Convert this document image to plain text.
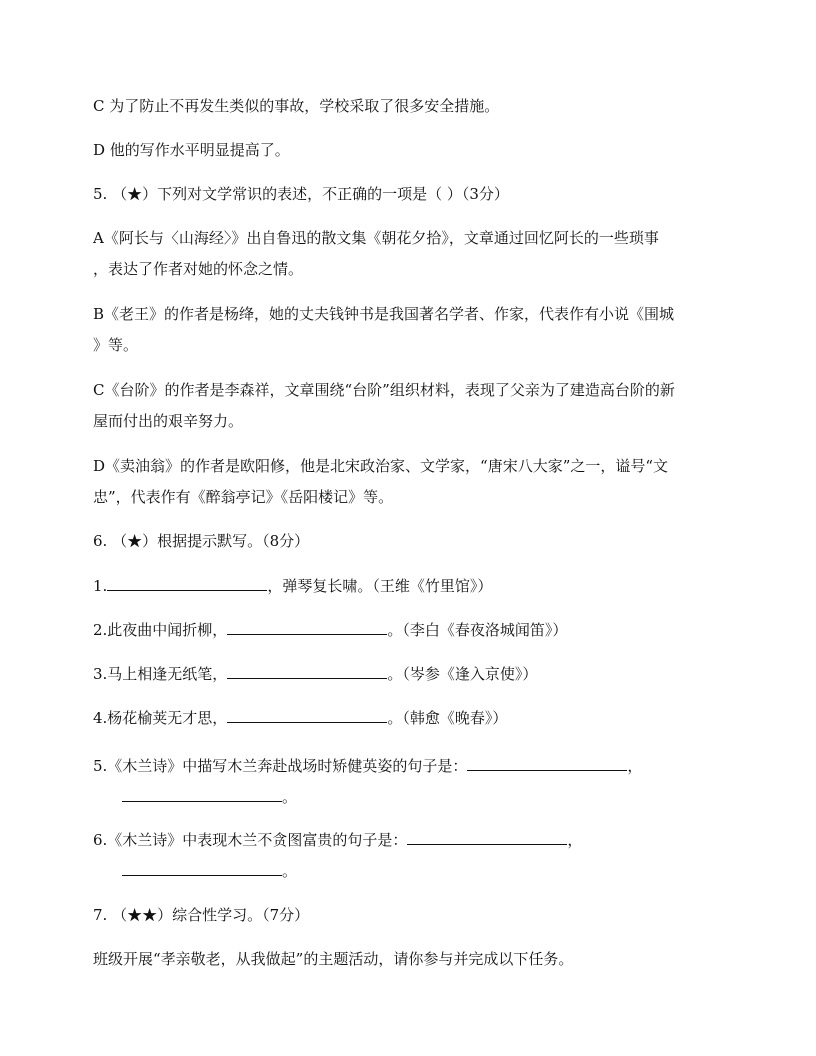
C 为了防止不再发生类似的事故，学校采取了很多安全措施。
D 他的写作水平明显提高了。
5. （★）下列对文学常识的表述，不正确的一项是（ ）（3分）
A《阿长与〈山海经〉》出自鲁迅的散文集《朝花夕拾》，文章通过回忆阿长的一些琐事
，表达了作者对她的怀念之情。
B《老王》的作者是杨绛，她的丈夫钱钟书是我国著名学者、作家，代表作有小说《围城
》等。
C《台阶》的作者是李森祥，文章围绕“台阶”组织材料，表现了父亲为了建造高台阶的新
屋而付出的艰辛努力。
D《卖油翁》的作者是欧阳修，他是北宋政治家、文学家，“唐宋八大家”之一，谥号“文
忠”，代表作有《醉翁亭记》《岳阳楼记》等。
6. （★）根据提示默写。（8分）
1.	，弹琴复长啸。（王维《竹里馆》）
2.此夜曲中闻折柳，	。（李白《春夜洛城闻笛》）
3.马上相逢无纸笔，	。（岑参《逢入京使》）
4.杨花榆荚无才思，	。（韩愈《晚春》）
5.《木兰诗》中描写木兰奔赴战场时矫健英姿的句子是：	，
。
6.《木兰诗》中表现木兰不贪图富贵的句子是：	，
。
7. （★★）综合性学习。（7分）
班级开展“孝亲敬老，从我做起”的主题活动，请你参与并完成以下任务。
